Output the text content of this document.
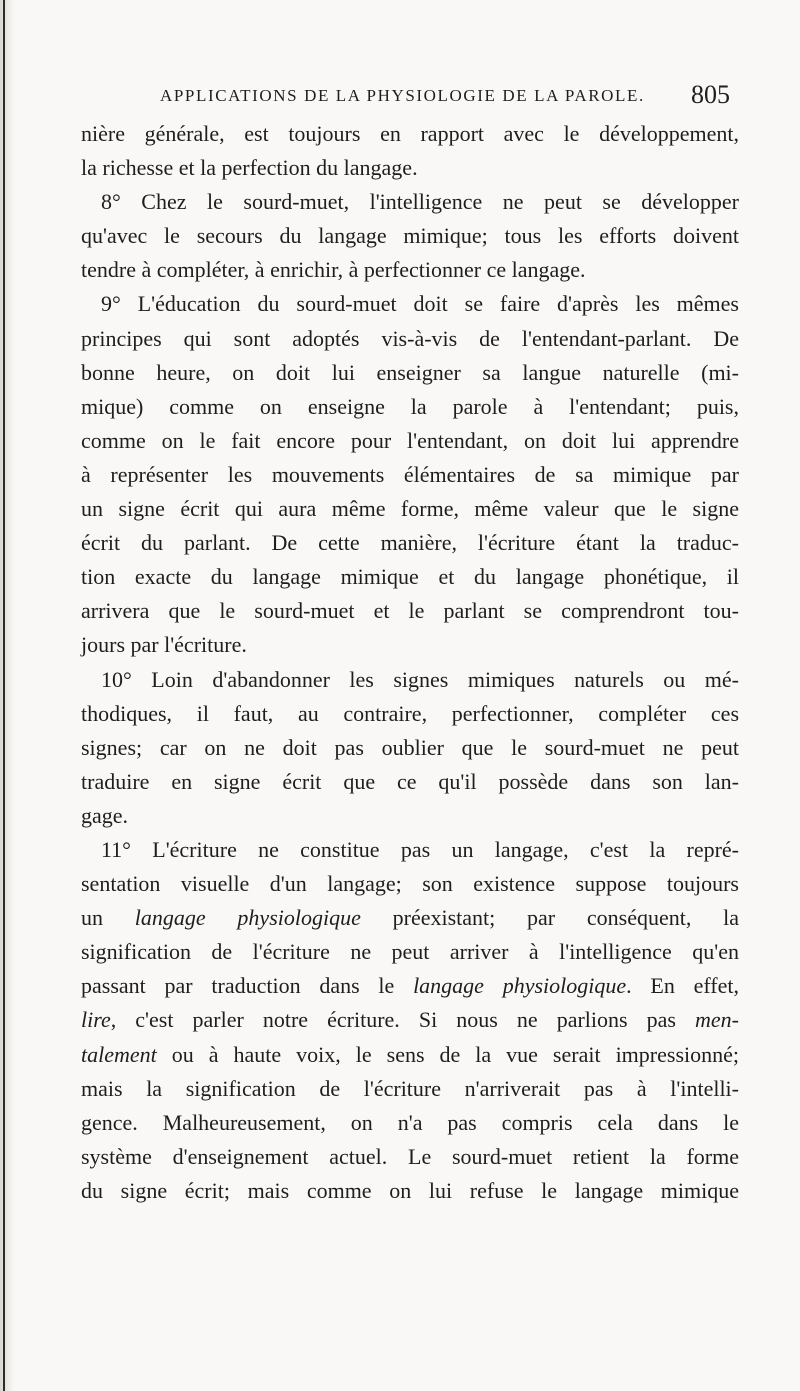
APPLICATIONS DE LA PHYSIOLOGIE DE LA PAROLE. 805
nière générale, est toujours en rapport avec le développement,
la richesse et la perfection du langage.
8° Chez le sourd-muet, l'intelligence ne peut se développer
qu'avec le secours du langage mimique; tous les efforts doivent
tendre à compléter, à enrichir, à perfectionner ce langage.
9° L'éducation du sourd-muet doit se faire d'après les mêmes
principes qui sont adoptés vis-à-vis de l'entendant-parlant. De
bonne heure, on doit lui enseigner sa langue naturelle (mi-
mique) comme on enseigne la parole à l'entendant; puis,
comme on le fait encore pour l'entendant, on doit lui apprendre
à représenter les mouvements élémentaires de sa mimique par
un signe écrit qui aura même forme, même valeur que le signe
écrit du parlant. De cette manière, l'écriture étant la traduc-
tion exacte du langage mimique et du langage phonétique, il
arrivera que le sourd-muet et le parlant se comprendront tou-
jours par l'écriture.
10° Loin d'abandonner les signes mimiques naturels ou mé-
thodiques, il faut, au contraire, perfectionner, compléter ces
signes; car on ne doit pas oublier que le sourd-muet ne peut
traduire en signe écrit que ce qu'il possède dans son lan-
gage.
11° L'écriture ne constitue pas un langage, c'est la repré-
sentation visuelle d'un langage; son existence suppose toujours
un langage physiologique préexistant; par conséquent, la
signification de l'écriture ne peut arriver à l'intelligence qu'en
passant par traduction dans le langage physiologique. En effet,
lire, c'est parler notre écriture. Si nous ne parlions pas men-
talement ou à haute voix, le sens de la vue serait impressionné;
mais la signification de l'écriture n'arriverait pas à l'intelli-
gence. Malheureusement, on n'a pas compris cela dans le
système d'enseignement actuel. Le sourd-muet retient la forme
du signe écrit; mais comme on lui refuse le langage mimique
